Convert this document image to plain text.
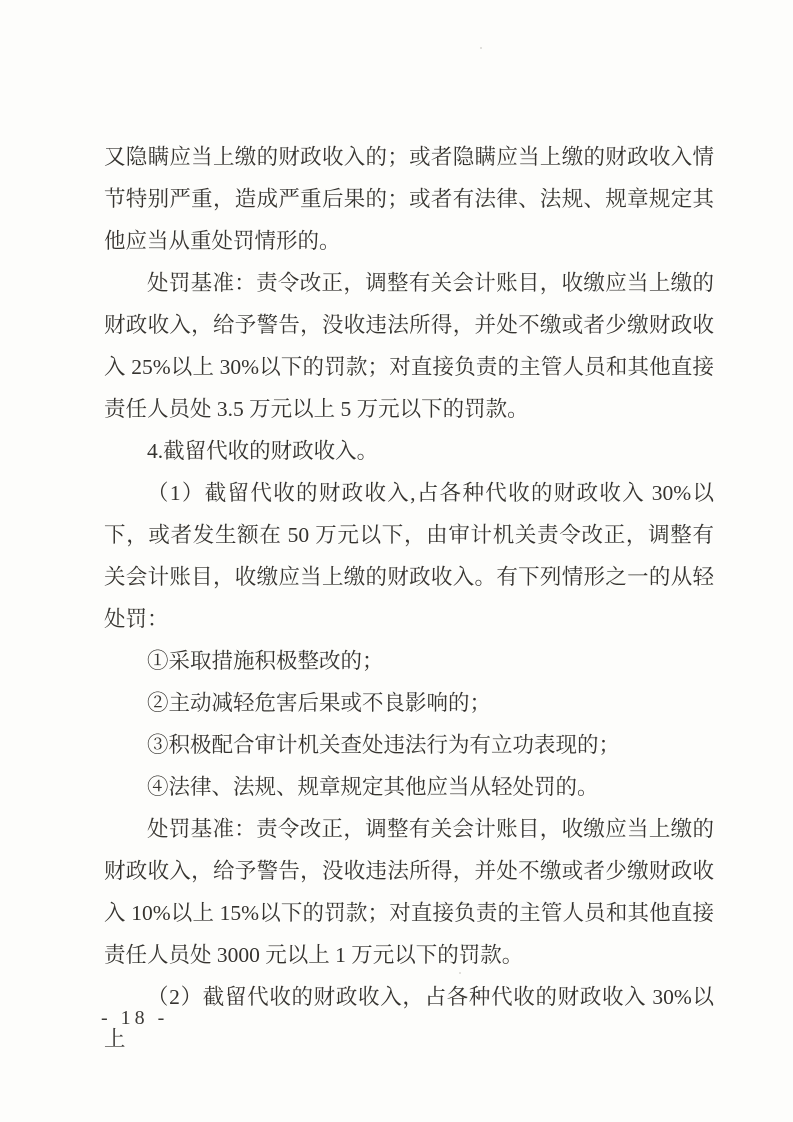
又隐瞒应当上缴的财政收入的；或者隐瞒应当上缴的财政收入情节特别严重，造成严重后果的；或者有法律、法规、规章规定其他应当从重处罚情形的。

处罚基准：责令改正，调整有关会计账目，收缴应当上缴的财政收入，给予警告，没收违法所得，并处不缴或者少缴财政收入 25%以上 30%以下的罚款；对直接负责的主管人员和其他直接责任人员处 3.5 万元以上 5 万元以下的罚款。

4.截留代收的财政收入。

（1）截留代收的财政收入,占各种代收的财政收入 30%以下，或者发生额在 50 万元以下，由审计机关责令改正，调整有关会计账目，收缴应当上缴的财政收入。有下列情形之一的从轻处罚：

①采取措施积极整改的；

②主动减轻危害后果或不良影响的；

③积极配合审计机关查处违法行为有立功表现的；

④法律、法规、规章规定其他应当从轻处罚的。

处罚基准：责令改正，调整有关会计账目，收缴应当上缴的财政收入，给予警告，没收违法所得，并处不缴或者少缴财政收入 10%以上 15%以下的罚款；对直接负责的主管人员和其他直接责任人员处 3000 元以上 1 万元以下的罚款。

（2）截留代收的财政收入，占各种代收的财政收入 30%以上

- 18 -
